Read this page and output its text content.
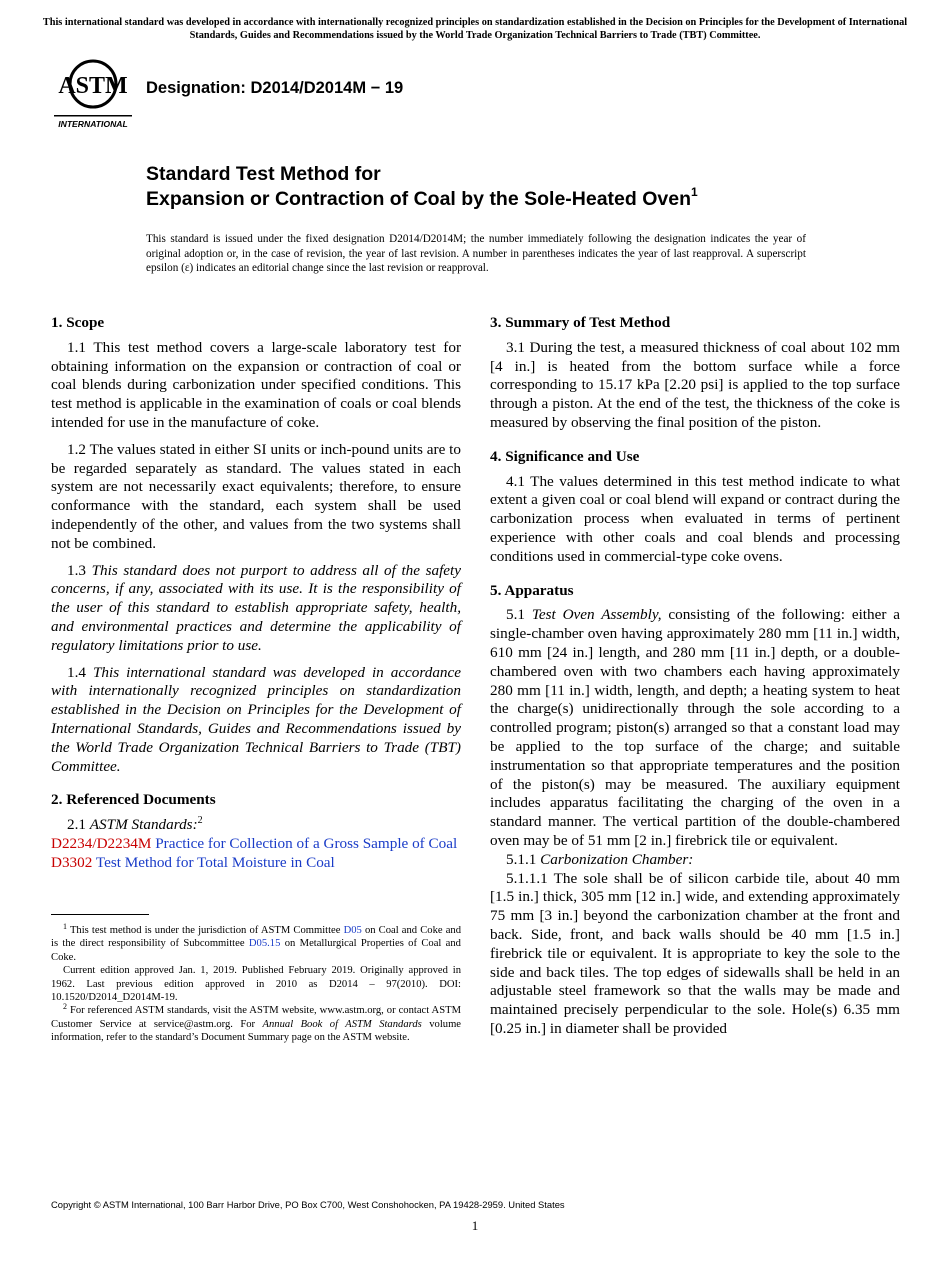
This international standard was developed in accordance with internationally recognized principles on standardization established in the Decision on Principles for the Development of International Standards, Guides and Recommendations issued by the World Trade Organization Technical Barriers to Trade (TBT) Committee.
ASTM
INTERNATIONAL
Designation: D2014/D2014M − 19
Standard Test Method for
Expansion or Contraction of Coal by the Sole-Heated Oven$^1$
This standard is issued under the fixed designation D2014/D2014M; the number immediately following the designation indicates the year of original adoption or, in the case of revision, the year of last revision. A number in parentheses indicates the year of last reapproval. A superscript epsilon (ε) indicates an editorial change since the last revision or reapproval.
1. Scope

1.1 This test method covers a large-scale laboratory test for obtaining information on the expansion or contraction of coal or coal blends during carbonization under specified conditions. This test method is applicable in the examination of coals or coal blends intended for use in the manufacture of coke.

1.2 The values stated in either SI units or inch-pound units are to be regarded separately as standard. The values stated in each system are not necessarily exact equivalents; therefore, to ensure conformance with the standard, each system shall be used independently of the other, and values from the two systems shall not be combined.

1.3 This standard does not purport to address all of the safety concerns, if any, associated with its use. It is the responsibility of the user of this standard to establish appropriate safety, health, and environmental practices and determine the applicability of regulatory limitations prior to use.

1.4 This international standard was developed in accordance with internationally recognized principles on standardization established in the Decision on Principles for the Development of International Standards, Guides and Recommendations issued by the World Trade Organization Technical Barriers to Trade (TBT) Committee.

2. Referenced Documents

2.1 ASTM Standards:$^2$

D2234/D2234M Practice for Collection of a Gross Sample of Coal

D3302 Test Method for Total Moisture in Coal

$^1$ This test method is under the jurisdiction of ASTM Committee D05 on Coal and Coke and is the direct responsibility of Subcommittee D05.15 on Metallurgical Properties of Coal and Coke.

Current edition approved Jan. 1, 2019. Published February 2019. Originally approved in 1962. Last previous edition approved in 2010 as D2014 – 97(2010). DOI: 10.1520/D2014_D2014M-19.

$^2$ For referenced ASTM standards, visit the ASTM website, www.astm.org, or contact ASTM Customer Service at service@astm.org. For Annual Book of ASTM Standards volume information, refer to the standard’s Document Summary page on the ASTM website.

3. Summary of Test Method

3.1 During the test, a measured thickness of coal about 102 mm [4 in.] is heated from the bottom surface while a force corresponding to 15.17 kPa [2.20 psi] is applied to the top surface through a piston. At the end of the test, the thickness of the coke is measured by observing the final position of the piston.

4. Significance and Use

4.1 The values determined in this test method indicate to what extent a given coal or coal blend will expand or contract during the carbonization process when evaluated in terms of pertinent experience with other coals and coal blends and processing conditions used in commercial-type coke ovens.

5. Apparatus

5.1 Test Oven Assembly, consisting of the following: either a single-chamber oven having approximately 280 mm [11 in.] width, 610 mm [24 in.] length, and 280 mm [11 in.] depth, or a double-chambered oven with two chambers each having approximately 280 mm [11 in.] width, length, and depth; a heating system to heat the charge(s) unidirectionally through the sole according to a controlled program; piston(s) arranged so that a constant load may be applied to the top surface of the charge; and suitable instrumentation so that appropriate temperatures and the position of the piston(s) may be measured. The auxiliary equipment includes apparatus facilitating the charging of the oven in a standard manner. The vertical partition of the double-chambered oven may be of 51 mm [2 in.] firebrick tile or equivalent.

5.1.1 Carbonization Chamber:

5.1.1.1 The sole shall be of silicon carbide tile, about 40 mm [1.5 in.] thick, 305 mm [12 in.] wide, and extending approximately 75 mm [3 in.] beyond the carbonization chamber at the front and back. Side, front, and back walls should be 40 mm [1.5 in.] firebrick tile or equivalent. It is appropriate to key the sole to the side and back tiles. The top edges of sidewalls shall be held in an adjustable steel framework so that the walls may be made and maintained precisely perpendicular to the sole. Hole(s) 6.35 mm [0.25 in.] in diameter shall be provided

Copyright © ASTM International, 100 Barr Harbor Drive, PO Box C700, West Conshohocken, PA 19428-2959. United States
1
